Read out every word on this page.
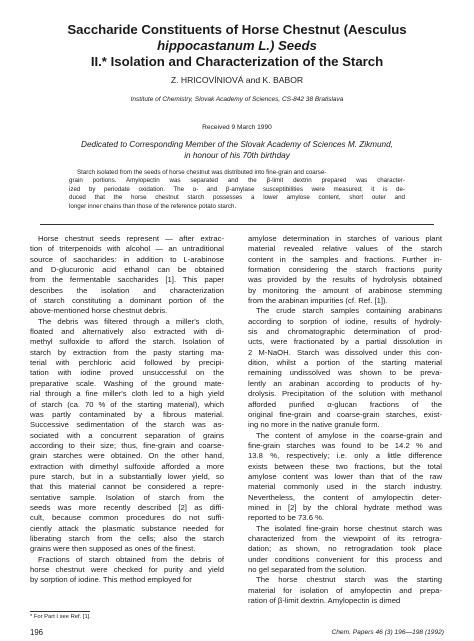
Saccharide Constituents of Horse Chestnut (Aesculus
hippocastanum L.) Seeds
II.* Isolation and Characterization of the Starch
Z. HRICOVÍNIOVÁ and K. BABOR
Institute of Chemistry, Slovak Academy of Sciences, CS-842 38 Bratislava
Received 9 March 1990
Dedicated to Corresponding Member of the Slovak Academy of Sciences M. Zikmund,
in honour of his 70th birthday
Starch isolated from the seeds of horse chestnut was distributed into fine-grain and coarse-
grain portions. Amylopectin was separated and the β-limit dextrin prepared was character-
ized by periodate oxidation. The α- and β-amylase susceptibilities were measured; it is de-
duced that the horse chestnut starch possesses a lower amylose content, short outer and
longer inner chains than those of the reference potato starch.
Horse chestnut seeds represent — after extrac-
tion of triterpenoids with alcohol — an untraditional
source of saccharides: in addition to L-arabinose
and D-glucuronic acid ethanol can be obtained
from the fermentable saccharides [1]. This paper
describes the isolation and characterization
of starch constituting a dominant portion of the
above-mentioned horse chestnut debris.
The debris was filtered through a miller's cloth,
floated and alternatively also extracted with di-
methyl sulfoxide to afford the starch. Isolation of
starch by extraction from the pasty starting ma-
terial with perchloric acid followed by precipi-
tation with iodine proved unsuccessful on the
preparative scale. Washing of the ground mate-
rial through a fine miller's cloth led to a high yield
of starch (ca. 70 % of the starting material), which
was partly contaminated by a fibrous material.
Successive sedimentation of the starch was as-
sociated with a concurrent separation of grains
according to their size; thus, fine-grain and coarse-
grain starches were obtained. On the other hand,
extraction with dimethyl sulfoxide afforded a more
pure starch, but in a substantially lower yield, so
that this material cannot be considered a repre-
sentative sample. Isolation of starch from the
seeds was more recently described [2] as diffi-
cult, because common procedures do not suffi-
ciently attack the plasmatic substance needed for
liberating starch from the cells; also the starch
grains were then supposed as ones of the finest.
Fractions of starch obtained from the debris of
horse chestnut were checked for purity and yield
by sorption of iodine. This method employed for
amylose determination in starches of various plant
material revealed relative values of the starch
content in the samples and fractions. Further in-
formation considering the starch fractions purity
was provided by the results of hydrolysis obtained
by monitoring the amount of arabinose stemming
from the arabinan impurities (cf. Ref. [1]).
The crude starch samples containing arabinans
according to sorption of iodine, results of hydroly-
sis and chromatographic determination of prod-
ucts, were fractionated by a partial dissolution in
2 M-NaOH. Starch was dissolved under this con-
dition, whilst a portion of the starting material
remaining undissolved was shown to be preva-
lently an arabinan according to products of hy-
drolysis. Precipitation of the solution with methanol
afforded purified α-glucan fractions of the
original fine-grain and coarse-grain starches, exist-
ing no more in the native granule form.
The content of amylose in the coarse-grain and
fine-grain starches was found to be 14.2 % and
13.8 %, respectively; i.e. only a little difference
exists between these two fractions, but the total
amylose content was lower than that of the raw
material commonly used in the starch industry.
Nevertheless, the content of amylopectin deter-
mined in [2] by the chloral hydrate method was
reported to be 73.6 %.
The isolated fine-grain horse chestnut starch was
characterized from the viewpoint of its retrogra-
dation; as shown, no retrogradation took place
under conditions convenient for this process and
no gel separated from the solution.
The horse chestnut starch was the starting
material for isolation of amylopectin and prepa-
ration of β-limit dextrin. Amylopectin is dimed
* For Part I see Ref. [1].
196	Chem. Papers 46 (3) 196—198 (1992)
